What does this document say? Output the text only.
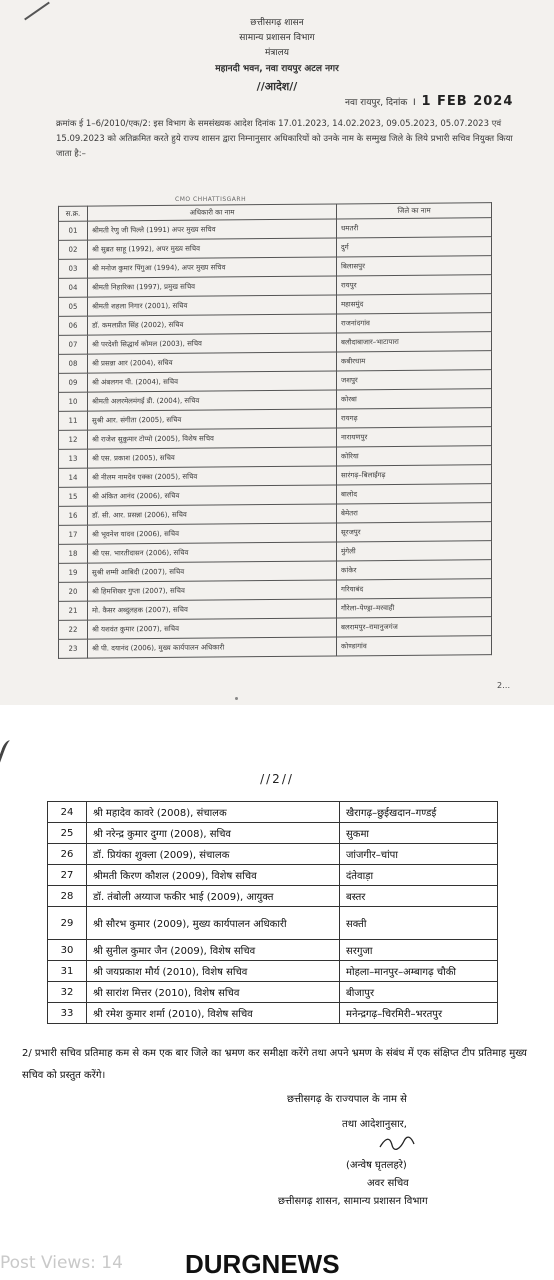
छत्तीसगढ़ शासन
सामान्य प्रशासन विभाग
मंत्रालय
महानदी भवन, नवा रायपुर अटल नगर
//आदेश//
नवा रायपुर, दिनांक  I  1 FEB 2024
क्रमांक ई 1–6/2010/एक/2: इस विभाग के समसंख्यक आदेश दिनांक 17.01.2023, 14.02.2023, 09.05.2023, 05.07.2023 एवं 15.09.2023 को अतिक्रमित करते हुये राज्य शासन द्वारा निम्नानुसार अधिकारियों को उनके नाम के सम्मुख जिले के लिये प्रभारी सचिव नियुक्त किया जाता है:–
CMO CHHATTISGARH
स.क्र.	अधिकारी का नाम	जिले का नाम
01	श्रीमती रेणु जी पिल्ले (1991) अपर मुख्य सचिव	धमतरी
02	श्री सुब्रत साहू (1992), अपर मुख्य सचिव	दुर्ग
03	श्री मनोज कुमार पिंगुआ (1994), अपर मुख्य सचिव	बिलासपुर
04	श्रीमती निहारिका (1997), प्रमुख सचिव	रायपुर
05	श्रीमती शहला निगार (2001), सचिव	महासमुंद
06	डॉ. कमलप्रीत सिंह (2002), सचिव	राजनांदगांव
07	श्री परदेशी सिद्धार्थ कोमल (2003), सचिव	बलौदाबाजार–भाटापारा
08	श्री प्रसन्ना आर (2004), सचिव	कबीरधाम
09	श्री अंबलगन पी. (2004), सचिव	जशपुर
10	श्रीमती अलरमेलमंगई डी. (2004), सचिव	कोरबा
11	सुश्री आर. संगीता (2005), सचिव	रायगढ़
12	श्री राजेश सुकुमार टोप्पो (2005), विशेष सचिव	नारायणपुर
13	श्री एस. प्रकाश (2005), सचिव	कोरिया
14	श्री नीलम नामदेव एक्का (2005), सचिव	सारंगढ़–बिलाईगढ़
15	श्री अंकित आनंद (2006), सचिव	बालोद
16	डॉ. सी. आर. प्रसन्ना (2006), सचिव	बेमेतरा
17	श्री भूवनेश यादव (2006), सचिव	सूरजपुर
18	श्री एस. भारतीदासन (2006), सचिव	मुंगेली
19	सुश्री शम्मी आबिदी (2007), सचिव	कांकेर
20	श्री हिमशिखर गुप्ता (2007), सचिव	गरियाबंद
21	मो. कैसर अब्दुलहक (2007), सचिव	गौरेला–पेण्ड्रा–मरवाही
22	श्री यशवंत कुमार (2007), सचिव	बलरामपुर–रामानुजगंज
23	श्री पी. दयानंद (2006), मुख्य कार्यपालन अधिकारी	कोण्डागांव
2…
//2//
24	श्री महादेव कावरे (2008), संचालक	खैरागढ़–छुईखदान–गण्डई
25	श्री नरेन्द्र कुमार दुग्गा (2008), सचिव	सुकमा
26	डॉ. प्रियंका शुक्ला (2009), संचालक	जांजगीर–चांपा
27	श्रीमती किरण कौशल (2009), विशेष सचिव	दंतेवाड़ा
28	डॉ. तंबोली अय्याज फकीर भाई (2009), आयुक्त	बस्तर
29	श्री सौरभ कुमार (2009), मुख्य कार्यपालन अधिकारी	सक्ती
30	श्री सुनील कुमार जैन (2009), विशेष सचिव	सरगुजा
31	श्री जयप्रकाश मौर्य (2010), विशेष सचिव	मोहला–मानपुर–अम्बागढ़ चौकी
32	श्री सारांश मित्तर (2010), विशेष सचिव	बीजापुर
33	श्री रमेश कुमार शर्मा (2010), विशेष सचिव	मनेन्द्रगढ़–चिरमिरी–भरतपुर
2/ प्रभारी सचिव प्रतिमाह कम से कम एक बार जिले का भ्रमण कर समीक्षा करेंगे तथा अपने भ्रमण के संबंध में एक संक्षिप्त टीप प्रतिमाह मुख्य सचिव को प्रस्तुत करेंगे।
छत्तीसगढ़ के राज्यपाल के नाम से
तथा आदेशानुसार,
(अन्वेष घृतलहरे)
अवर सचिव
छत्तीसगढ़ शासन, सामान्य प्रशासन विभाग
Post Views: 14 DURGNEWS
